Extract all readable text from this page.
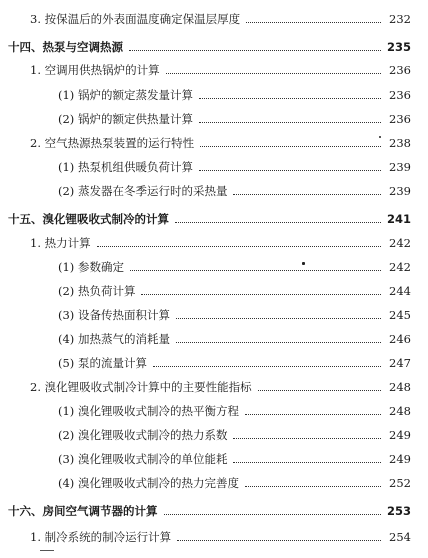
3. 按保温后的外表面温度确定保温层厚度	232
十四、热泵与空调热源	235
1. 空调用供热锅炉的计算	236
(1) 锅炉的额定蒸发量计算	236
(2) 锅炉的额定供热量计算	236
2. 空气热源热泵装置的运行特性	238
(1) 热泵机组供暖负荷计算	239
(2) 蒸发器在冬季运行时的采热量	239
十五、溴化锂吸收式制冷的计算	241
1. 热力计算	242
(1) 参数确定	242
(2) 热负荷计算	244
(3) 设备传热面积计算	245
(4) 加热蒸气的消耗量	246
(5) 泵的流量计算	247
2. 溴化锂吸收式制冷计算中的主要性能指标	248
(1) 溴化锂吸收式制冷的热平衡方程	248
(2) 溴化锂吸收式制冷的热力系数	249
(3) 溴化锂吸收式制冷的单位能耗	249
(4) 溴化锂吸收式制冷的热力完善度	252
十六、房间空气调节器的计算	253
1. 制冷系统的制冷运行计算	254
